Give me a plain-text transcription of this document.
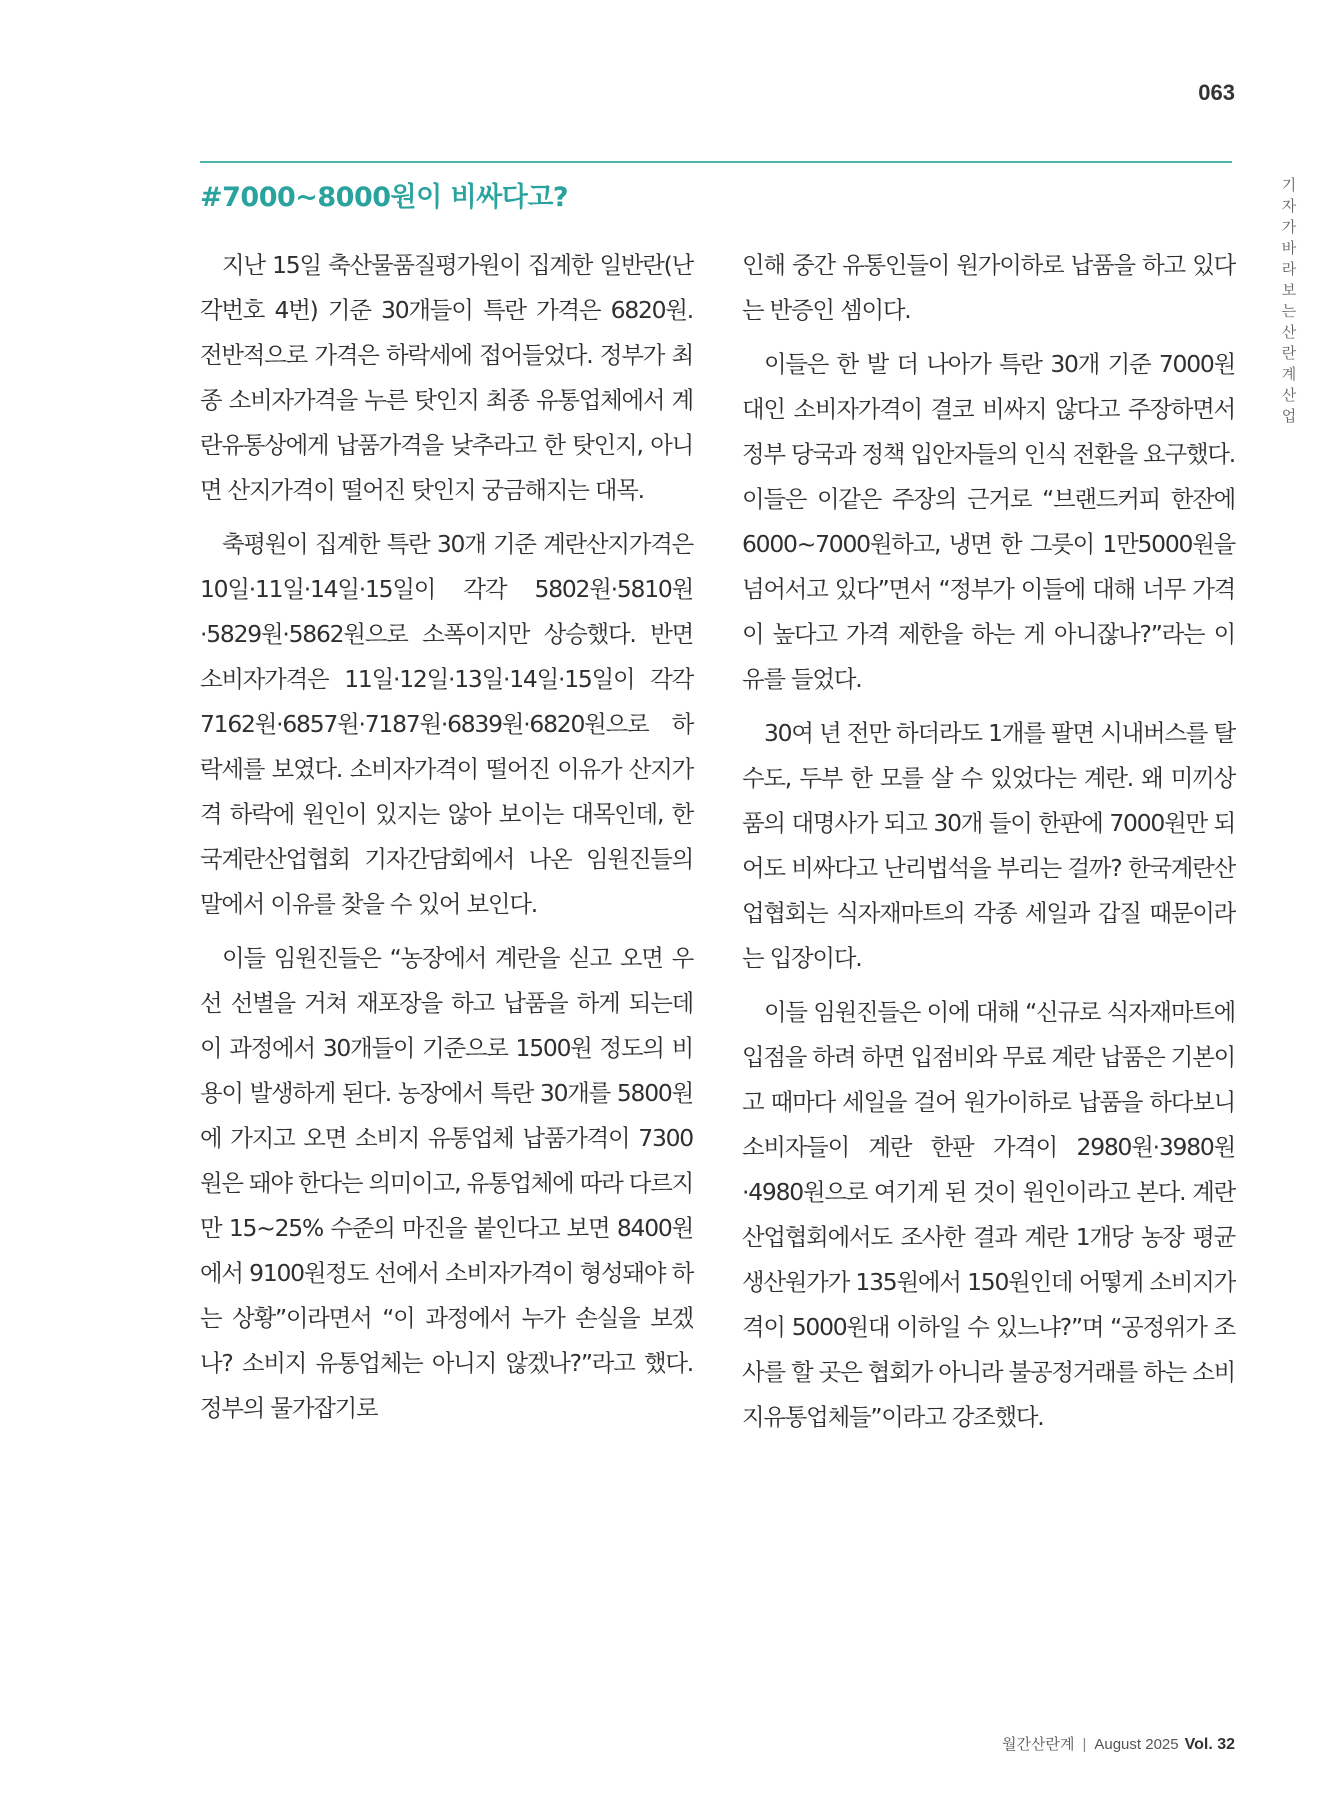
063
#7000~8000원이 비싸다고?	기자가 바라보는 산란계산업

지난 15일 축산물품질평가원이 집계한 일반란(난각번호 4번) 기준 30개들이 특란 가격은 6820원. 전반적으로 가격은 하락세에 접어들었다. 정부가 최종 소비자가격을 누른 탓인지 최종 유통업체에서 계란유통상에게 납품가격을 낮추라고 한 탓인지, 아니면 산지가격이 떨어진 탓인지 궁금해지는 대목.

축평원이 집계한 특란 30개 기준 계란산지가격은 10일·11일·14일·15일이 각각 5802원·5810원·5829원·5862원으로 소폭이지만 상승했다. 반면 소비자가격은 11일·12일·13일·14일·15일이 각각 7162원·6857원·7187원·6839원·6820원으로 하락세를 보였다. 소비자가격이 떨어진 이유가 산지가격 하락에 원인이 있지는 않아 보이는 대목인데, 한국계란산업협회 기자간담회에서 나온 임원진들의 말에서 이유를 찾을 수 있어 보인다.

이들 임원진들은 “농장에서 계란을 싣고 오면 우선 선별을 거쳐 재포장을 하고 납품을 하게 되는데 이 과정에서 30개들이 기준으로 1500원 정도의 비용이 발생하게 된다. 농장에서 특란 30개를 5800원에 가지고 오면 소비지 유통업체 납품가격이 7300원은 돼야 한다는 의미이고, 유통업체에 따라 다르지만 15~25% 수준의 마진을 붙인다고 보면 8400원에서 9100원정도 선에서 소비자가격이 형성돼야 하는 상황”이라면서 “이 과정에서 누가 손실을 보겠나? 소비지 유통업체는 아니지 않겠나?”라고 했다. 정부의 물가잡기로

인해 중간 유통인들이 원가이하로 납품을 하고 있다는 반증인 셈이다.

이들은 한 발 더 나아가 특란 30개 기준 7000원대인 소비자가격이 결코 비싸지 않다고 주장하면서 정부 당국과 정책 입안자들의 인식 전환을 요구했다. 이들은 이같은 주장의 근거로 “브랜드커피 한잔에 6000~7000원하고, 냉면 한 그릇이 1만5000원을 넘어서고 있다”면서 “정부가 이들에 대해 너무 가격이 높다고 가격 제한을 하는 게 아니잖나?”라는 이유를 들었다.

30여 년 전만 하더라도 1개를 팔면 시내버스를 탈 수도, 두부 한 모를 살 수 있었다는 계란. 왜 미끼상품의 대명사가 되고 30개 들이 한판에 7000원만 되어도 비싸다고 난리법석을 부리는 걸까? 한국계란산업협회는 식자재마트의 각종 세일과 갑질 때문이라는 입장이다.

이들 임원진들은 이에 대해 “신규로 식자재마트에 입점을 하려 하면 입점비와 무료 계란 납품은 기본이고 때마다 세일을 걸어 원가이하로 납품을 하다보니 소비자들이 계란 한판 가격이 2980원·3980원·4980원으로 여기게 된 것이 원인이라고 본다. 계란산업협회에서도 조사한 결과 계란 1개당 농장 평균 생산원가가 135원에서 150원인데 어떻게 소비지가격이 5000원대 이하일 수 있느냐?”며 “공정위가 조사를 할 곳은 협회가 아니라 불공정거래를 하는 소비지유통업체들”이라고 강조했다.

월간산란계 | August 2025 Vol. 32
